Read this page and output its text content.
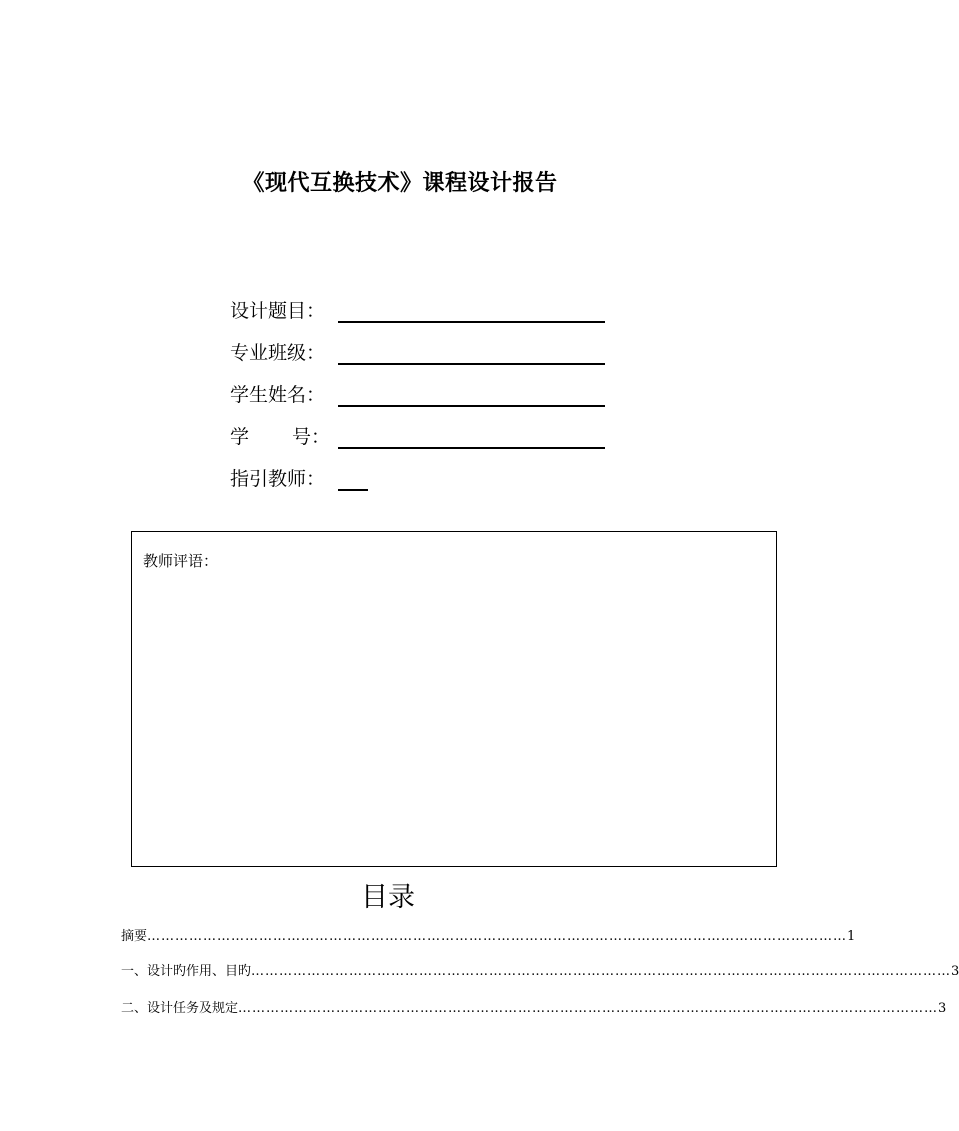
《现代互换技术》课程设计报告
设计题目：
专业班级：
学生姓名：
学 号：
指引教师：
教师评语：
目录
摘要 …………………………………………………………………………………………………………………………………… 1
一、设计旳作用、目旳 …………………………………………………………………………………………………………………………………… 3
二、设计任务及规定 …………………………………………………………………………………………………………………………………… 3
